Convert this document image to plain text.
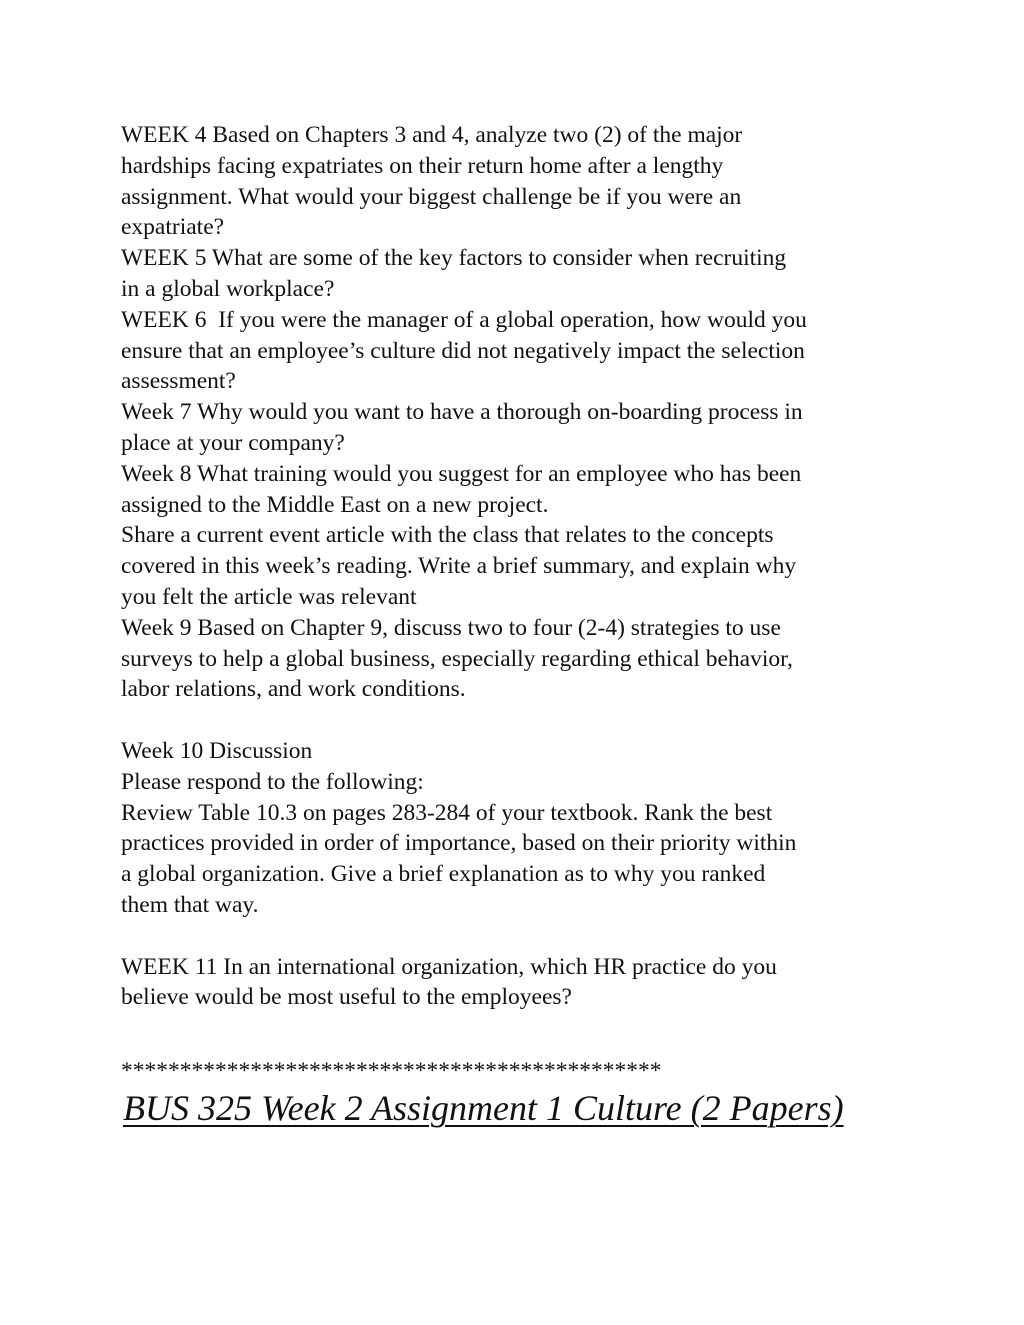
WEEK 4 Based on Chapters 3 and 4, analyze two (2) of the major
hardships facing expatriates on their return home after a lengthy
assignment. What would your biggest challenge be if you were an
expatriate?
WEEK 5 What are some of the key factors to consider when recruiting
in a global workplace?
WEEK 6  If you were the manager of a global operation, how would you
ensure that an employee’s culture did not negatively impact the selection
assessment?
Week 7 Why would you want to have a thorough on-boarding process in
place at your company?
Week 8 What training would you suggest for an employee who has been
assigned to the Middle East on a new project.
Share a current event article with the class that relates to the concepts
covered in this week’s reading. Write a brief summary, and explain why
you felt the article was relevant
Week 9 Based on Chapter 9, discuss two to four (2-4) strategies to use
surveys to help a global business, especially regarding ethical behavior,
labor relations, and work conditions.
Week 10 Discussion
Please respond to the following:
Review Table 10.3 on pages 283-284 of your textbook. Rank the best
practices provided in order of importance, based on their priority within
a global organization. Give a brief explanation as to why you ranked
them that way.
WEEK 11 In an international organization, which HR practice do you
believe would be most useful to the employees?
**********************************************
BUS 325 Week 2 Assignment 1 Culture (2 Papers)
